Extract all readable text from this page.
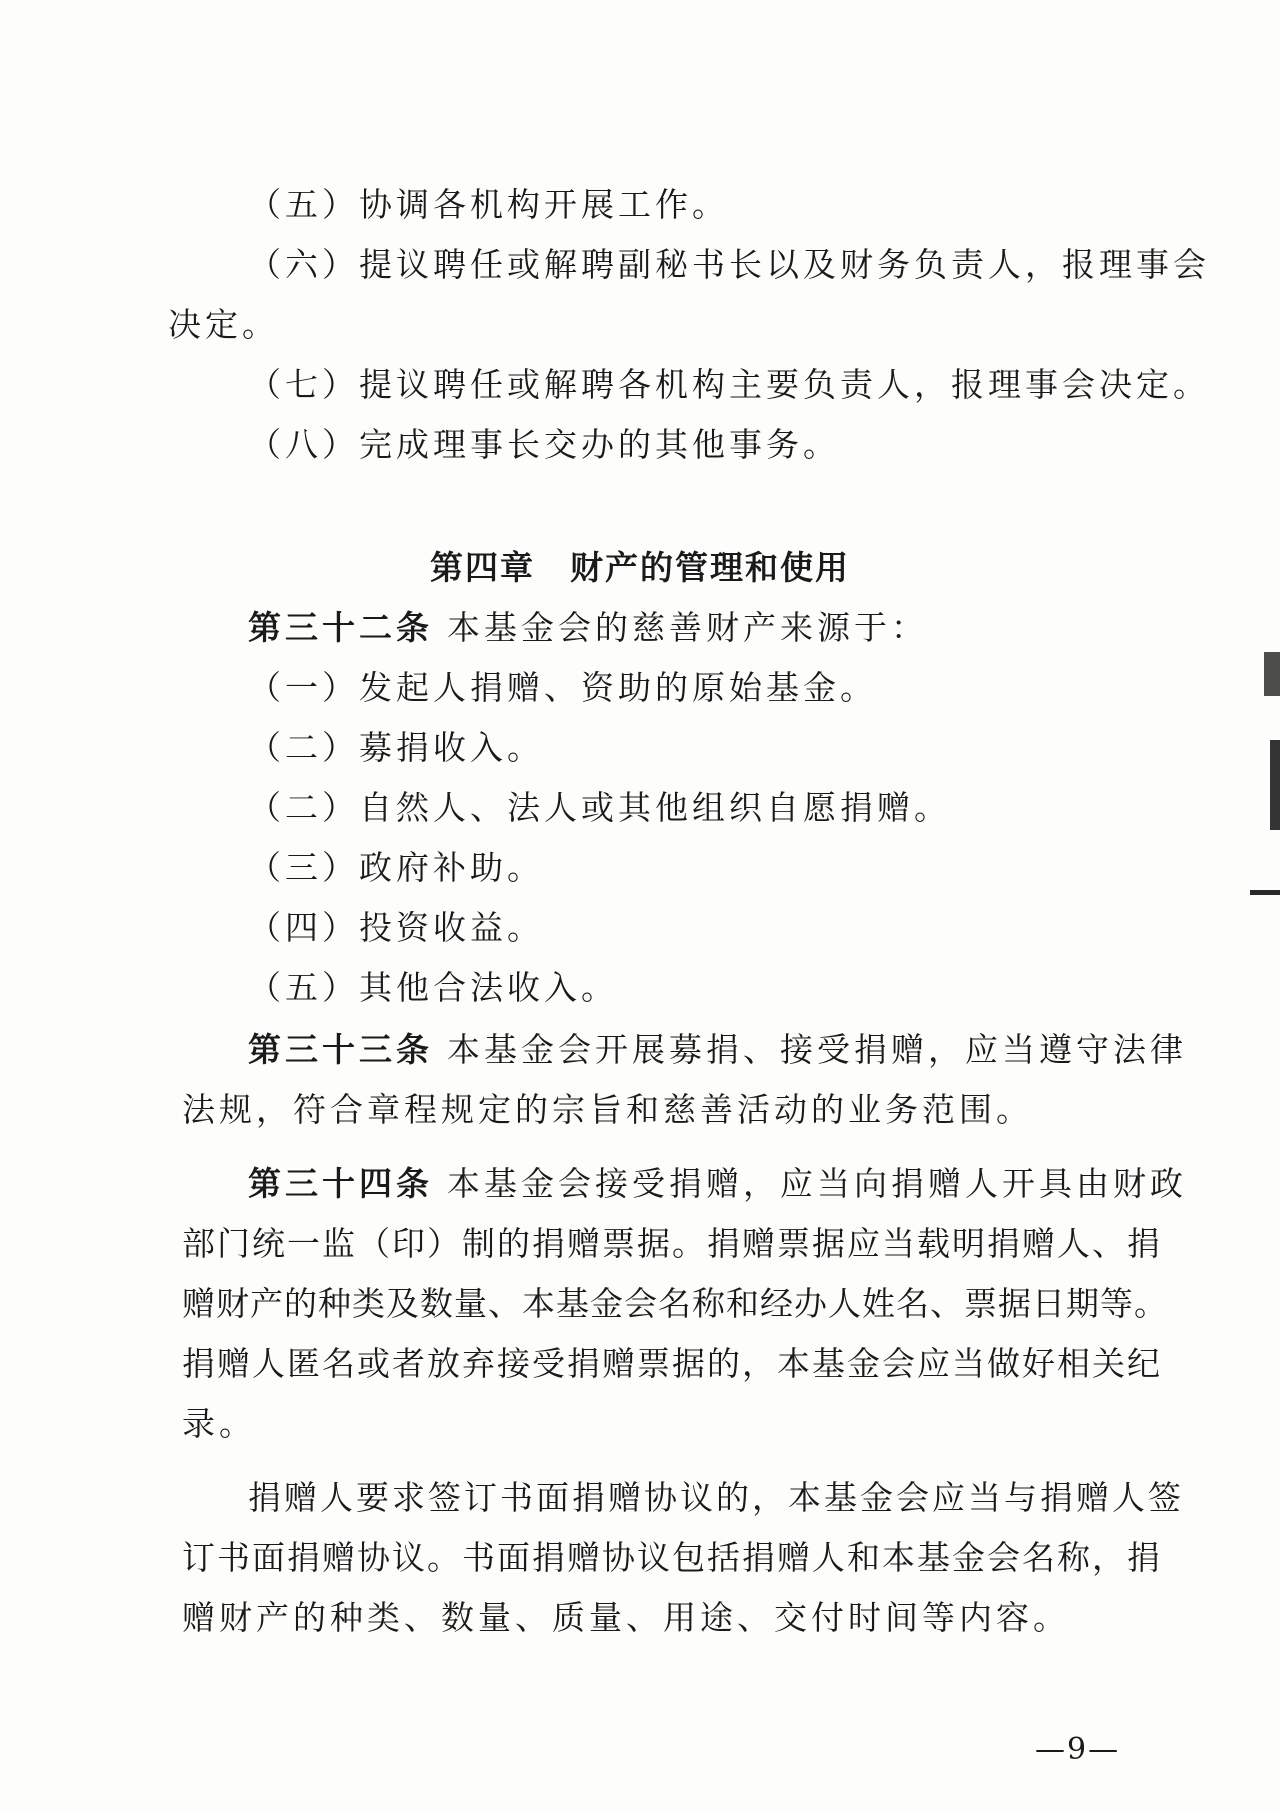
（五）协调各机构开展工作。
（六）提议聘任或解聘副秘书长以及财务负责人，报理事会
决定。
（七）提议聘任或解聘各机构主要负责人，报理事会决定。
（八）完成理事长交办的其他事务。
第四章　财产的管理和使用
第三十二条 本基金会的慈善财产来源于：
（一）发起人捐赠、资助的原始基金。
（二）募捐收入。
（二）自然人、法人或其他组织自愿捐赠。
（三）政府补助。
（四）投资收益。
（五）其他合法收入。
第三十三条 本基金会开展募捐、接受捐赠，应当遵守法律
法规，符合章程规定的宗旨和慈善活动的业务范围。
第三十四条 本基金会接受捐赠，应当向捐赠人开具由财政
部门统一监（印）制的捐赠票据。捐赠票据应当载明捐赠人、捐
赠财产的种类及数量、本基金会名称和经办人姓名、票据日期等。
捐赠人匿名或者放弃接受捐赠票据的，本基金会应当做好相关纪
录。
捐赠人要求签订书面捐赠协议的，本基金会应当与捐赠人签
订书面捐赠协议。书面捐赠协议包括捐赠人和本基金会名称，捐
赠财产的种类、数量、质量、用途、交付时间等内容。
—9—
